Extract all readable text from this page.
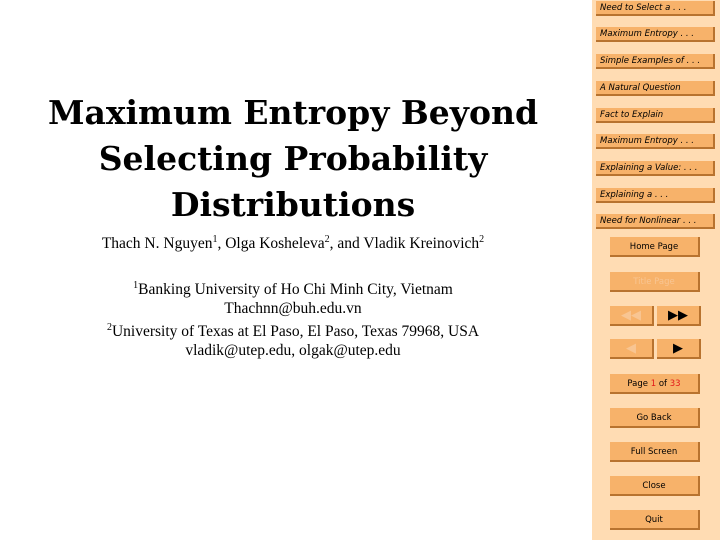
Maximum Entropy Beyond
Selecting Probability
Distributions
Thach N. Nguyen$^1$, Olga Kosheleva$^2$, and Vladik Kreinovich$^2$
$^1$Banking University of Ho Chi Minh City, Vietnam
Thachnn@buh.edu.vn
$^2$University of Texas at El Paso, El Paso, Texas 79968, USA
vladik@utep.edu, olgak@utep.edu
Need to Select a . . .
Maximum Entropy . . .
Simple Examples of . . .
A Natural Question
Fact to Explain
Maximum Entropy . . .
Explaining a Value: . . .
Explaining a . . .
Need for Nonlinear . . .
Home Page
Title Page
◀◀	▶▶
◀	▶
Page 1 of 33
Go Back
Full Screen
Close
Quit
